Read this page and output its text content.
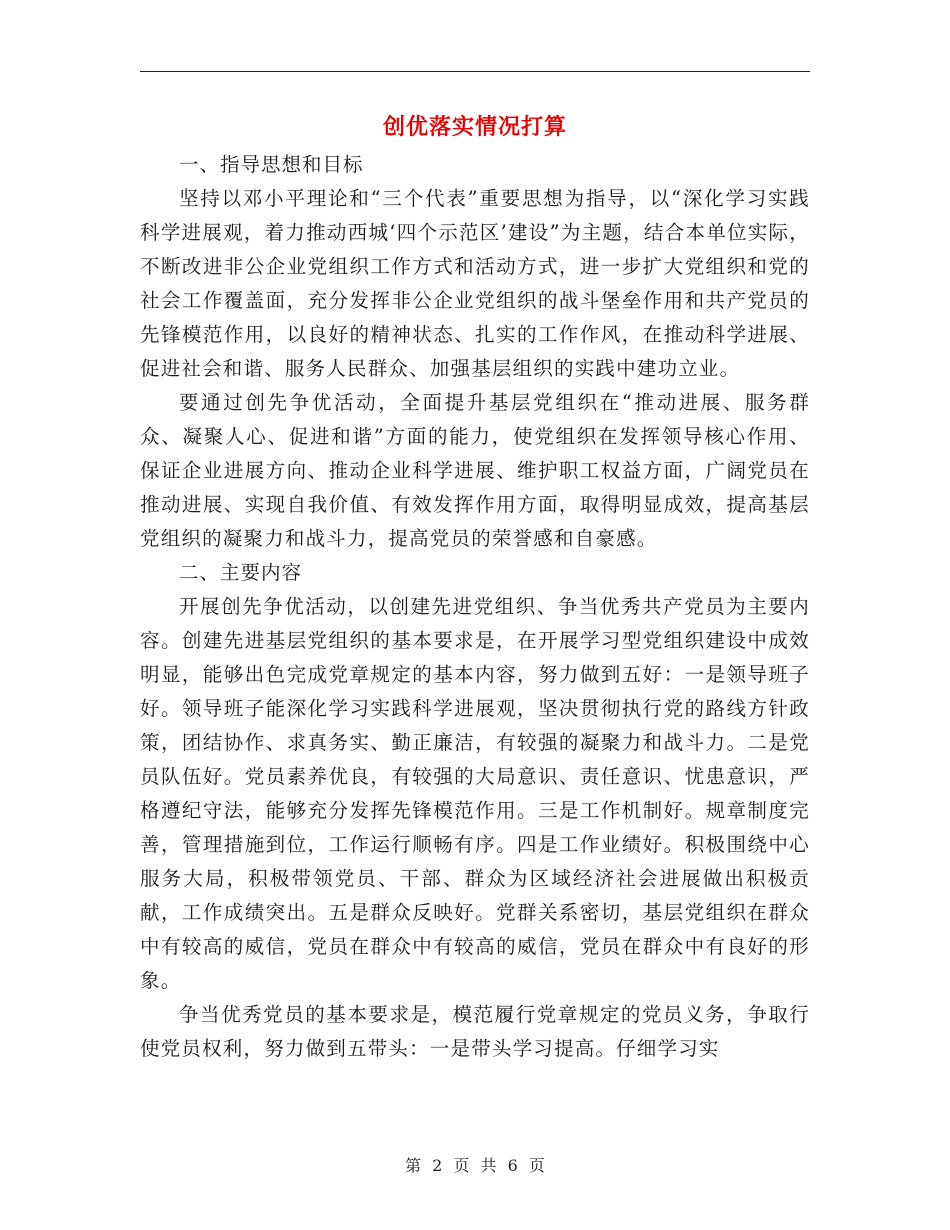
创优落实情况打算

一、指导思想和目标

坚持以邓小平理论和“三个代表”重要思想为指导，以“深化学习实践科学进展观，着力推动西城‘四个示范区’建设”为主题，结合本单位实际，不断改进非公企业党组织工作方式和活动方式，进一步扩大党组织和党的社会工作覆盖面，充分发挥非公企业党组织的战斗堡垒作用和共产党员的先锋模范作用，以良好的精神状态、扎实的工作作风，在推动科学进展、促进社会和谐、服务人民群众、加强基层组织的实践中建功立业。

要通过创先争优活动，全面提升基层党组织在“推动进展、服务群众、凝聚人心、促进和谐”方面的能力，使党组织在发挥领导核心作用、保证企业进展方向、推动企业科学进展、维护职工权益方面，广阔党员在推动进展、实现自我价值、有效发挥作用方面，取得明显成效，提高基层党组织的凝聚力和战斗力，提高党员的荣誉感和自豪感。

二、主要内容

开展创先争优活动，以创建先进党组织、争当优秀共产党员为主要内容。创建先进基层党组织的基本要求是，在开展学习型党组织建设中成效明显，能够出色完成党章规定的基本内容，努力做到五好：一是领导班子好。领导班子能深化学习实践科学进展观，坚决贯彻执行党的路线方针政策，团结协作、求真务实、勤正廉洁，有较强的凝聚力和战斗力。二是党员队伍好。党员素养优良，有较强的大局意识、责任意识、忧患意识，严格遵纪守法，能够充分发挥先锋模范作用。三是工作机制好。规章制度完善，管理措施到位，工作运行顺畅有序。四是工作业绩好。积极围绕中心服务大局，积极带领党员、干部、群众为区域经济社会进展做出积极贡献，工作成绩突出。五是群众反映好。党群关系密切，基层党组织在群众中有较高的威信，党员在群众中有较高的威信，党员在群众中有良好的形象。

争当优秀党员的基本要求是，模范履行党章规定的党员义务，争取行使党员权利，努力做到五带头：一是带头学习提高。仔细学习实

第 2 页 共 6 页
